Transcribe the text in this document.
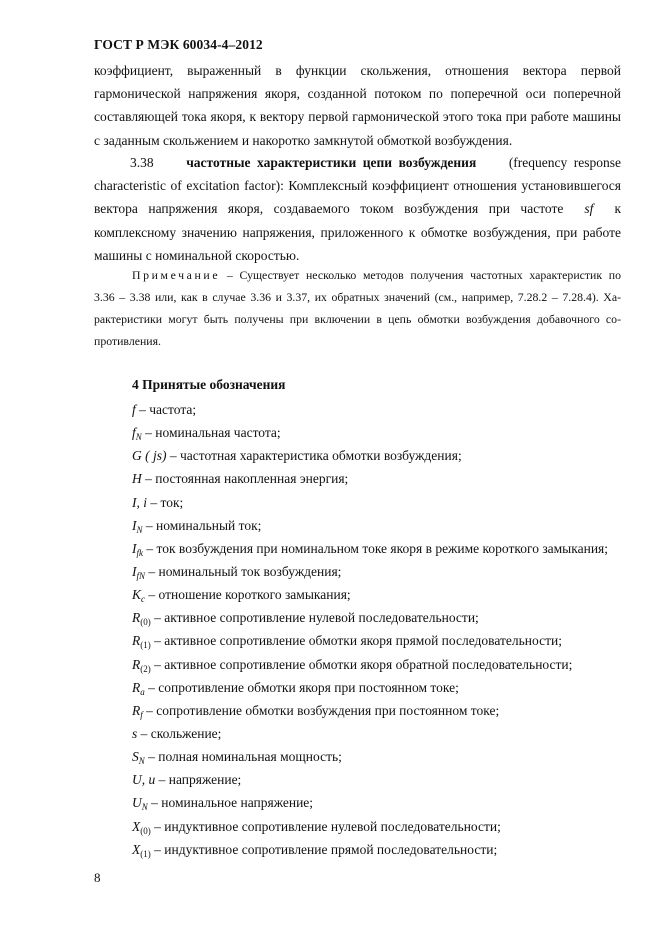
ГОСТ Р МЭК 60034-4–2012
коэффициент, выраженный в функции скольжения, отношения вектора первой
гармонической напряжения якоря, созданной потоком по поперечной оси поперечной
составляющей тока якоря, к вектору первой гармонической этого тока при работе машины
с заданным скольжением и накоротко замкнутой обмоткой возбуждения.
3.38 частотные характеристики цепи возбуждения (frequency response
characteristic of excitation factor): Комплексный коэффициент отношения установившегося
вектора напряжения якоря, создаваемого током возбуждения при частоте sf к
комплексному значению напряжения, приложенного к обмотке возбуждения, при работе
машины с номинальной скоростью.
Примечание – Существует несколько методов получения частотных характеристик по
3.36 – 3.38 или, как в случае 3.36 и 3.37, их обратных значений (см., например, 7.28.2 – 7.28.4). Ха-
рактеристики могут быть получены при включении в цепь обмотки возбуждения добавочного со-
противления.
4 Принятые обозначения
f – частота;
$f_N$ – номинальная частота;
G ( js) – частотная характеристика обмотки возбуждения;
H – постоянная накопленная энергия;
I, i – ток;
$I_N$ – номинальный ток;
$I_{fk}$ – ток возбуждения при номинальном токе якоря в режиме короткого замыкания;
$I_{fN}$ – номинальный ток возбуждения;
$K_c$ – отношение короткого замыкания;
$R_{(0)}$ – активное сопротивление нулевой последовательности;
$R_{(1)}$ – активное сопротивление обмотки якоря прямой последовательности;
$R_{(2)}$ – активное сопротивление обмотки якоря обратной последовательности;
$R_a$ – сопротивление обмотки якоря при постоянном токе;
$R_f$ – сопротивление обмотки возбуждения при постоянном токе;
s – скольжение;
$S_N$ – полная номинальная мощность;
U, u – напряжение;
$U_N$ – номинальное напряжение;
$X_{(0)}$ – индуктивное сопротивление нулевой последовательности;
$X_{(1)}$ – индуктивное сопротивление прямой последовательности;
8
